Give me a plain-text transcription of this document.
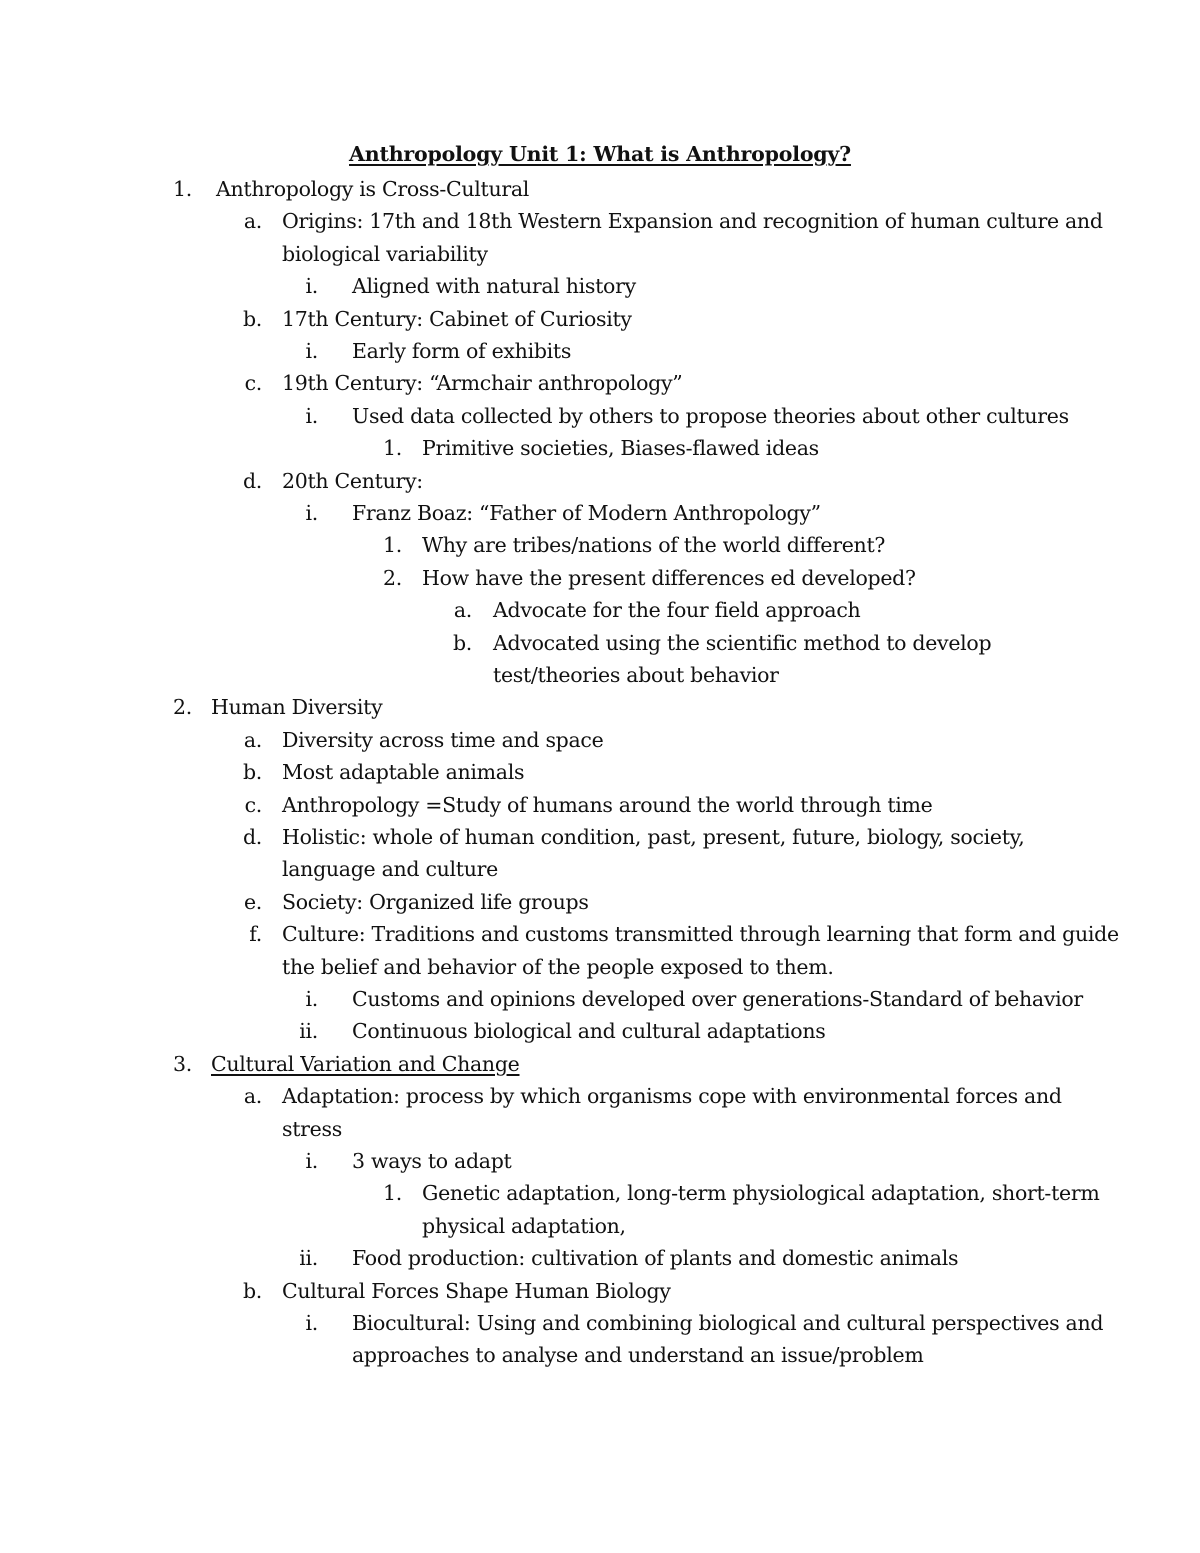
Anthropology Unit 1: What is Anthropology?
1. Anthropology is Cross-Cultural
a. Origins: 17th and 18th Western Expansion and recognition of human culture and
biological variability
i. Aligned with natural history
b. 17th Century: Cabinet of Curiosity
i. Early form of exhibits
c. 19th Century: “Armchair anthropology”
i. Used data collected by others to propose theories about other cultures
1. Primitive societies, Biases-flawed ideas
d. 20th Century:
i. Franz Boaz: “Father of Modern Anthropology”
1. Why are tribes/nations of the world different?
2. How have the present differences ed developed?
a. Advocate for the four field approach
b. Advocated using the scientific method to develop
test/theories about behavior
2. Human Diversity
a. Diversity across time and space
b. Most adaptable animals
c. Anthropology =Study of humans around the world through time
d. Holistic: whole of human condition, past, present, future, biology, society,
language and culture
e. Society: Organized life groups
f. Culture: Traditions and customs transmitted through learning that form and guide
the belief and behavior of the people exposed to them.
i. Customs and opinions developed over generations-Standard of behavior
ii. Continuous biological and cultural adaptations
3. Cultural Variation and Change
a. Adaptation: process by which organisms cope with environmental forces and
stress
i. 3 ways to adapt
1. Genetic adaptation, long-term physiological adaptation, short-term
physical adaptation,
ii. Food production: cultivation of plants and domestic animals
b. Cultural Forces Shape Human Biology
i. Biocultural: Using and combining biological and cultural perspectives and
approaches to analyse and understand an issue/problem
